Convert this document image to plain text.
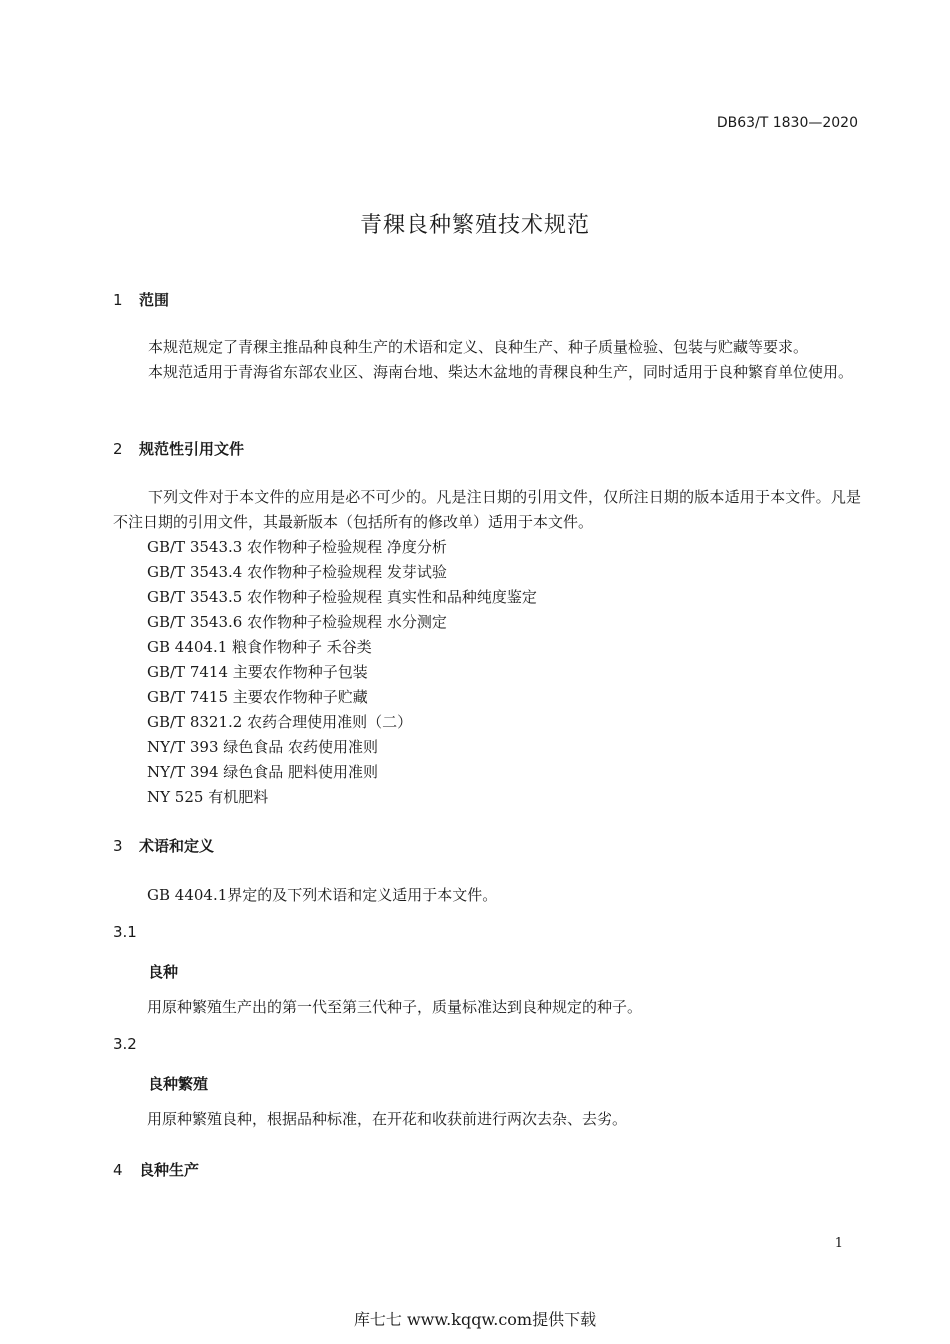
DB63/T 1830—2020
青稞良种繁殖技术规范
1 范围
本规范规定了青稞主推品种良种生产的术语和定义、良种生产、种子质量检验、包装与贮藏等要求。
本规范适用于青海省东部农业区、海南台地、柴达木盆地的青稞良种生产，同时适用于良种繁育单位使用。
2 规范性引用文件
下列文件对于本文件的应用是必不可少的。凡是注日期的引用文件，仅所注日期的版本适用于本文件。凡是不注日期的引用文件，其最新版本（包括所有的修改单）适用于本文件。
GB/T 3543.3 农作物种子检验规程 净度分析
GB/T 3543.4 农作物种子检验规程 发芽试验
GB/T 3543.5 农作物种子检验规程 真实性和品种纯度鉴定
GB/T 3543.6 农作物种子检验规程 水分测定
GB 4404.1 粮食作物种子 禾谷类
GB/T 7414 主要农作物种子包装
GB/T 7415 主要农作物种子贮藏
GB/T 8321.2 农药合理使用准则（二）
NY/T 393 绿色食品 农药使用准则
NY/T 394 绿色食品 肥料使用准则
NY 525 有机肥料
3 术语和定义
GB 4404.1界定的及下列术语和定义适用于本文件。
3.1
良种
用原种繁殖生产出的第一代至第三代种子，质量标准达到良种规定的种子。
3.2
良种繁殖
用原种繁殖良种，根据品种标准，在开花和收获前进行两次去杂、去劣。
4 良种生产
1
库七七 www.kqqw.com提供下载
